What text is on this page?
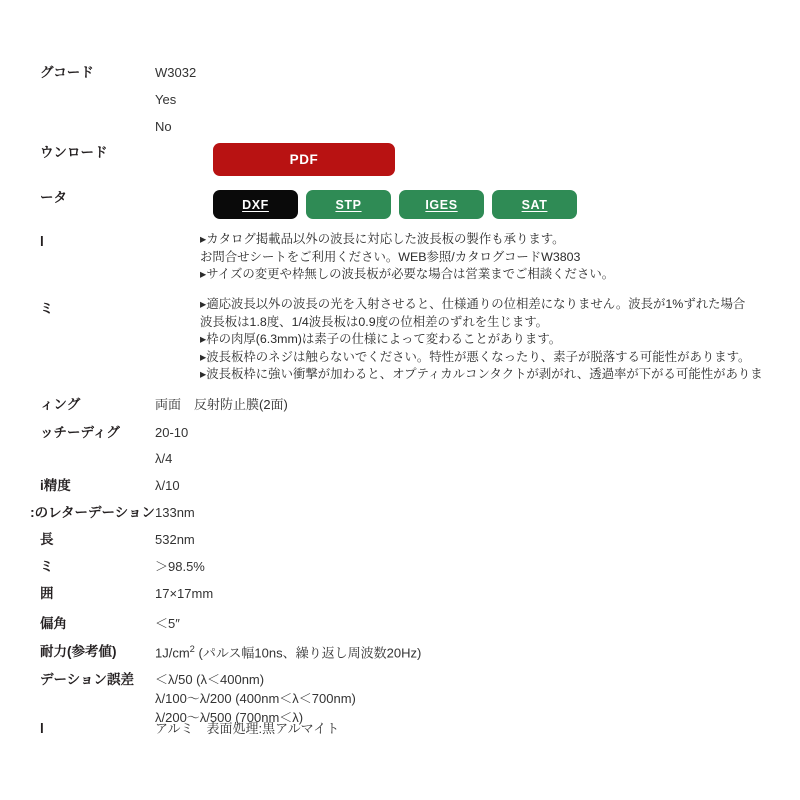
グコード	W3032
Yes
No
ウンロード	PDF
ータ	DXF	STP	IGES	SAT
l	▸カタログ掲載品以外の波長に対応した波長板の製作も承ります。
お問合せシートをご利用ください。WEB参照/カタログコードW3803
▸サイズの変更や枠無しの波長板が必要な場合は営業までご相談ください。
ミ	▸適応波長以外の波長の光を入射させると、仕様通りの位相差になりません。波長が1%ずれた場合
波長板は1.8度、1/4波長板は0.9度の位相差のずれを生じます。
▸枠の肉厚(6.3mm)は素子の仕様によって変わることがあります。
▸波長板枠のネジは触らないでください。特性が悪くなったり、素子が脱落する可能性があります。
▸波長板枠に強い衝撃が加わると、オプティカルコンタクトが剥がれ、透過率が下がる可能性がありま
ィング	両面　反射防止膜(2面)
ッチーディグ	20-10
λ/4
i精度	λ/10
:のレターデーション 133nm
長	532nm
ミ	＞98.5%
囲	17×17mm
偏角	＜5″
耐力(参考値)	$1J/cm^2$ (パルス幅10ns、繰り返し周波数20Hz)
デーション誤差	＜λ/50 (λ＜400nm)
λ/100〜λ/200 (400nm＜λ＜700nm)
λ/200〜λ/500 (700nm＜λ)
l	アルミ　表面処理:黒アルマイト
